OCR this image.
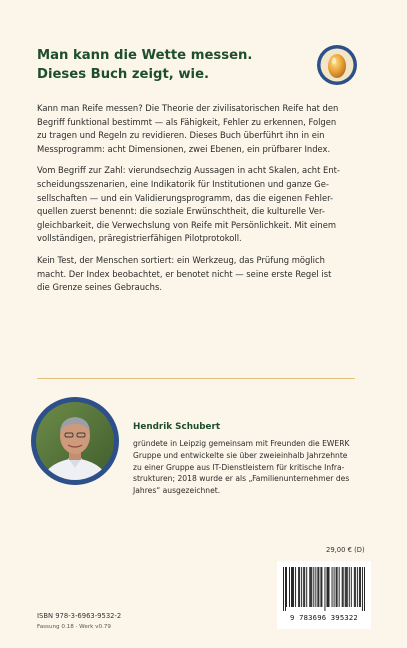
Man kann die Wette messen.
Dieses Buch zeigt, wie.

Kann man Reife messen? Die Theorie der zivilisatorischen Reife hat den
Begriff funktional bestimmt — als Fähigkeit, Fehler zu erkennen, Folgen
zu tragen und Regeln zu revidieren. Dieses Buch überführt ihn in ein
Messprogramm: acht Dimensionen, zwei Ebenen, ein prüfbarer Index.

Vom Begriff zur Zahl: vierundsechzig Aussagen in acht Skalen, acht Ent-
scheidungsszenarien, eine Indikatorik für Institutionen und ganze Ge-
sellschaften — und ein Validierungsprogramm, das die eigenen Fehler-
quellen zuerst benennt: die soziale Erwünschtheit, die kulturelle Ver-
gleichbarkeit, die Verwechslung von Reife mit Persönlichkeit. Mit einem
vollständigen, präregistrierfähigen Pilotprotokoll.

Kein Test, der Menschen sortiert: ein Werkzeug, das Prüfung möglich
macht. Der Index beobachtet, er benotet nicht — seine erste Regel ist
die Grenze seines Gebrauchs.

Hendrik Schubert
gründete in Leipzig gemeinsam mit Freunden die EWERK
Gruppe und entwickelte sie über zweieinhalb Jahrzehnte
zu einer Gruppe aus IT-Dienstleistern für kritische Infra-
strukturen; 2018 wurde er als „Familienunternehmer des
Jahres“ ausgezeichnet.
29,00 € (D)
ISBN 978-3-6963-9532-2
Fassung 0.18 · Werk v0.79
9 783696 395322
